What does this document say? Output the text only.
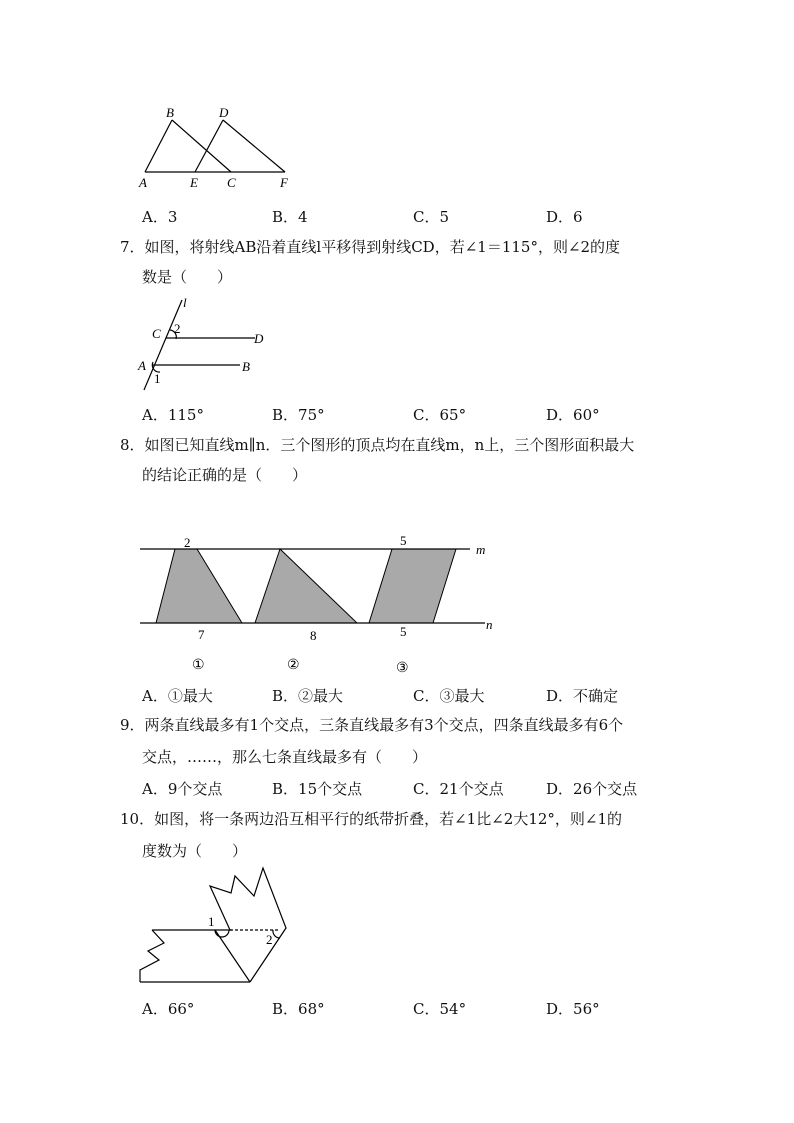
B	D
A	E C	F
A．3	B．4	C．5	D．6
7．如图，将射线AB沿着直线l平移得到射线CD，若∠1＝115°，则∠2的度
数是（　　）
l
C 2
D
A
1
B
A．115°	B．75°	C．65°	D．60°
8．如图已知直线m∥n．三个图形的顶点均在直线m，n上，三个图形面积最大
的结论正确的是（　　）
2	5
m
n
7	8	5
①	②	③
A．①最大	B．②最大	C．③最大	D．不确定
9．两条直线最多有1个交点，三条直线最多有3个交点，四条直线最多有6个
交点，……，那么七条直线最多有（　　）
A．9个交点	B．15个交点	C．21个交点	D．26个交点
10．如图，将一条两边沿互相平行的纸带折叠，若∠1比∠2大12°，则∠1的
度数为（　　）
1
2
A．66°	B．68°	C．54°	D．56°
